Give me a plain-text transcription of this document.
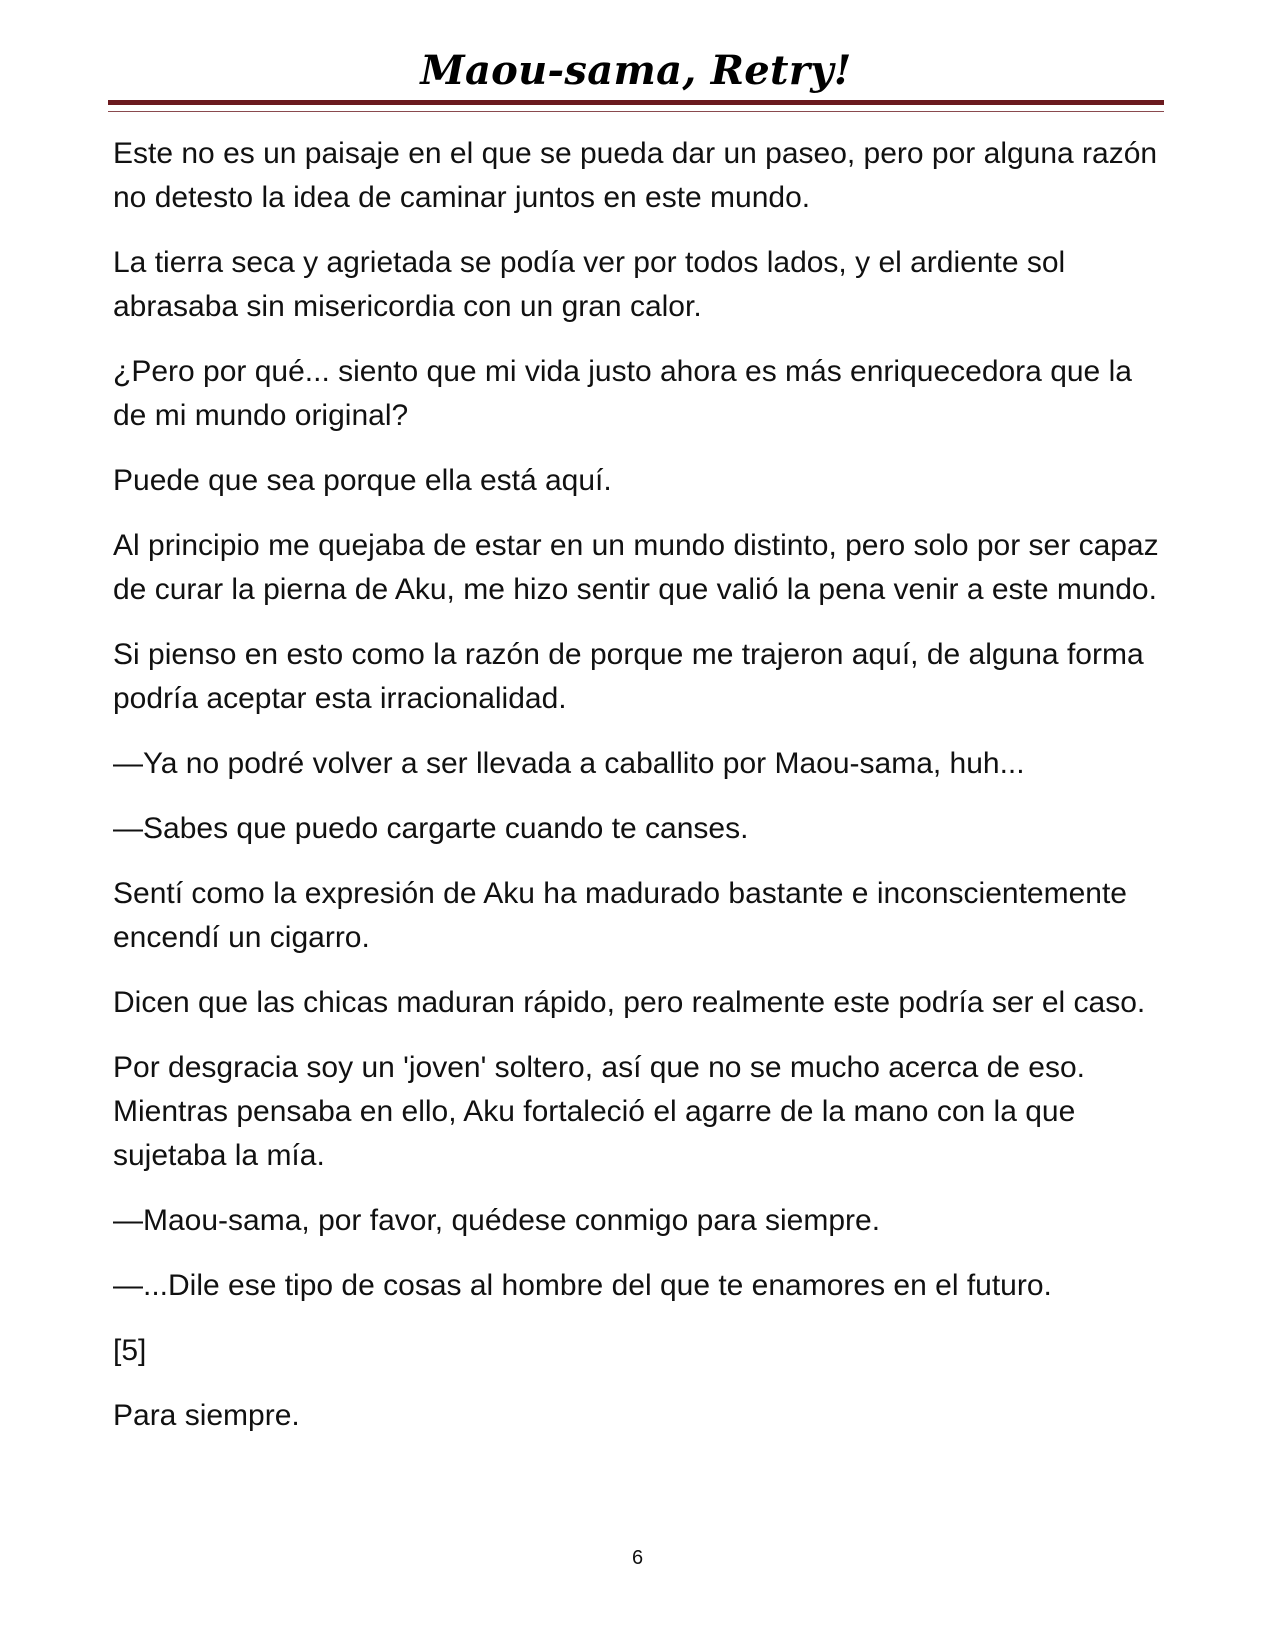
Maou-sama, Retry!

Este no es un paisaje en el que se pueda dar un paseo, pero por alguna razón no detesto la idea de caminar juntos en este mundo.

La tierra seca y agrietada se podía ver por todos lados, y el ardiente sol abrasaba sin misericordia con un gran calor.

¿Pero por qué... siento que mi vida justo ahora es más enriquecedora que la de mi mundo original?

Puede que sea porque ella está aquí.

Al principio me quejaba de estar en un mundo distinto, pero solo por ser capaz de curar la pierna de Aku, me hizo sentir que valió la pena venir a este mundo.

Si pienso en esto como la razón de porque me trajeron aquí, de alguna forma podría aceptar esta irracionalidad.

—Ya no podré volver a ser llevada a caballito por Maou-sama, huh...

—Sabes que puedo cargarte cuando te canses.

Sentí como la expresión de Aku ha madurado bastante e inconscientemente encendí un cigarro.

Dicen que las chicas maduran rápido, pero realmente este podría ser el caso.

Por desgracia soy un 'joven' soltero, así que no se mucho acerca de eso. Mientras pensaba en ello, Aku fortaleció el agarre de la mano con la que sujetaba la mía.

—Maou-sama, por favor, quédese conmigo para siempre.

—...Dile ese tipo de cosas al hombre del que te enamores en el futuro.

[5]

Para siempre.

6
